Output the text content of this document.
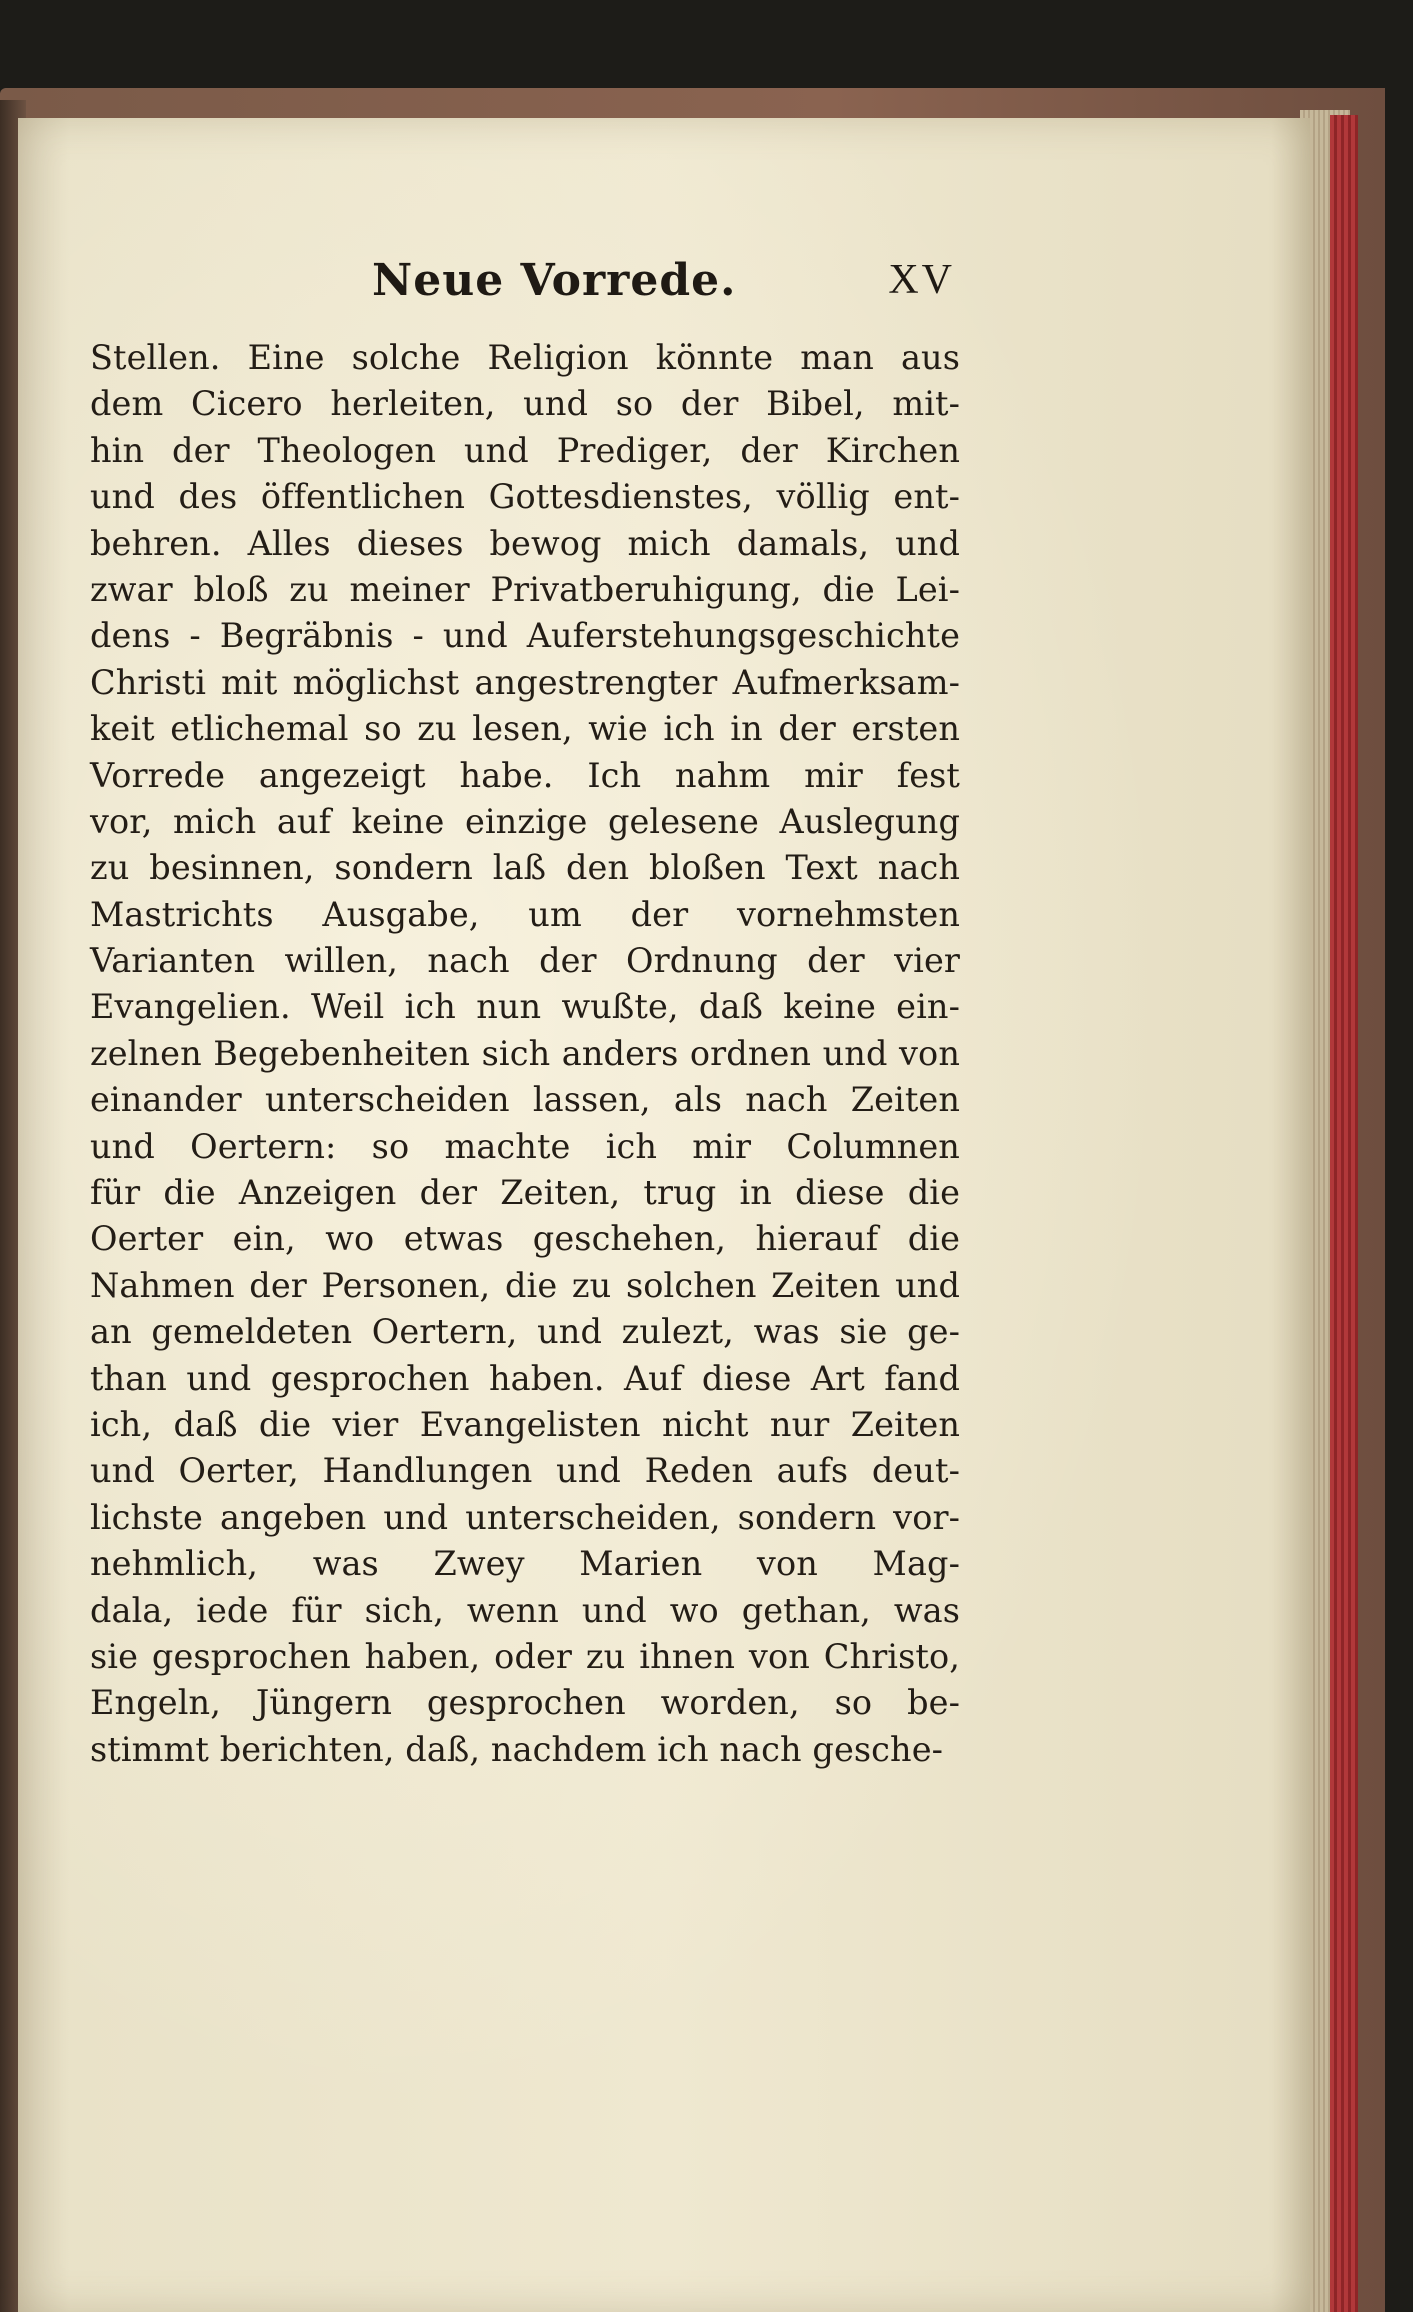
Neue Vorrede.	XV
Stellen. Eine solche Religion könnte man aus
dem Cicero herleiten, und so der Bibel, mit-
hin der Theologen und Prediger, der Kirchen
und des öffentlichen Gottesdienstes, völlig ent-
behren. Alles dieses bewog mich damals, und
zwar bloß zu meiner Privatberuhigung, die Lei-
dens - Begräbnis - und Auferstehungsgeschichte
Christi mit möglichst angestrengter Aufmerksam-
keit etlichemal so zu lesen, wie ich in der ersten
Vorrede angezeigt habe. Ich nahm mir fest
vor, mich auf keine einzige gelesene Auslegung
zu besinnen, sondern laß den bloßen Text nach
Mastrichts Ausgabe, um der vornehmsten
Varianten willen, nach der Ordnung der vier
Evangelien. Weil ich nun wußte, daß keine ein-
zelnen Begebenheiten sich anders ordnen und von
einander unterscheiden lassen, als nach Zeiten
und Oertern: so machte ich mir Columnen
für die Anzeigen der Zeiten, trug in diese die
Oerter ein, wo etwas geschehen, hierauf die
Nahmen der Personen, die zu solchen Zeiten und
an gemeldeten Oertern, und zulezt, was sie ge-
than und gesprochen haben. Auf diese Art fand
ich, daß die vier Evangelisten nicht nur Zeiten
und Oerter, Handlungen und Reden aufs deut-
lichste angeben und unterscheiden, sondern vor-
nehmlich, was Zwey Marien von Mag-
dala, iede für sich, wenn und wo gethan, was
sie gesprochen haben, oder zu ihnen von Christo,
Engeln, Jüngern gesprochen worden, so be-
stimmt berichten, daß, nachdem ich nach gesche-
